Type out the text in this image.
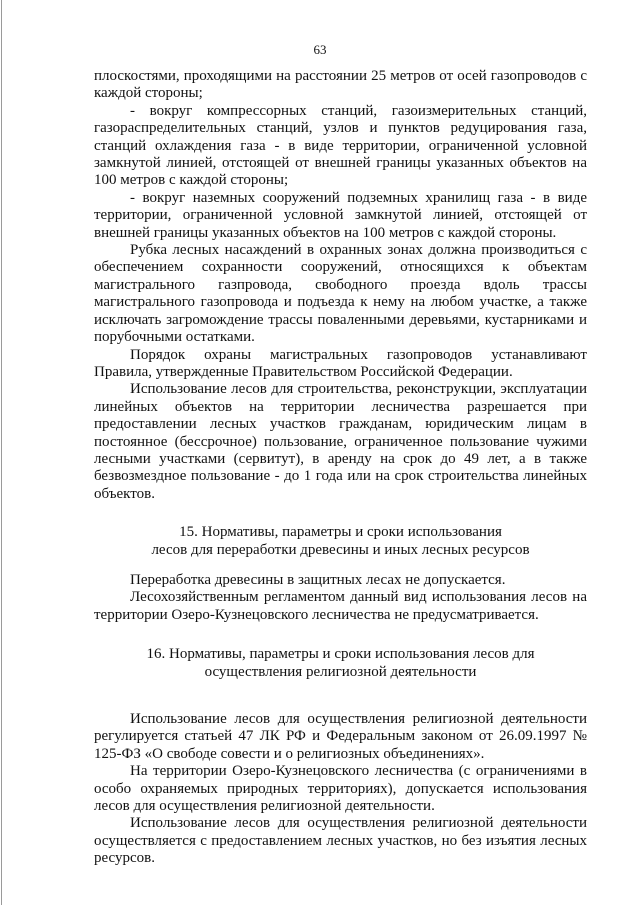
63

плоскостями, проходящими на расстоянии 25 метров от осей газопроводов с каждой стороны;

- вокруг компрессорных станций, газоизмерительных станций, газораспределительных станций, узлов и пунктов редуцирования газа, станций охлаждения газа - в виде территории, ограниченной условной замкнутой линией, отстоящей от внешней границы указанных объектов на 100 метров с каждой стороны;

- вокруг наземных сооружений подземных хранилищ газа - в виде территории, ограниченной условной замкнутой линией, отстоящей от внешней границы указанных объектов на 100 метров с каждой стороны.

Рубка лесных насаждений в охранных зонах должна производиться с обеспечением сохранности сооружений, относящихся к объектам магистрального газпровода, свободного проезда вдоль трассы магистрального газопровода и подъезда к нему на любом участке, а также исключать загромождение трассы поваленными деревьями, кустарниками и порубочными остатками.

Порядок охраны магистральных газопроводов устанавливают Правила, утвержденные Правительством Российской Федерации.

Использование лесов для строительства, реконструкции, эксплуатации линейных объектов на территории лесничества разрешается при предоставлении лесных участков гражданам, юридическим лицам в постоянное (бессрочное) пользование, ограниченное пользование чужими лесными участками (сервитут), в аренду на срок до 49 лет, а в также безвозмездное пользование - до 1 года или на срок строительства линейных объектов.

15. Нормативы, параметры и сроки использования

лесов для переработки древесины и иных лесных ресурсов

Переработка древесины в защитных лесах не допускается.

Лесохозяйственным регламентом данный вид использования лесов на территории Озеро-Кузнецовского лесничества не предусматривается.

16. Нормативы, параметры и сроки использования лесов для

осуществления религиозной деятельности

Использование лесов для осуществления религиозной деятельности регулируется статьей 47 ЛК РФ и Федеральным законом от 26.09.1997 № 125-ФЗ «О свободе совести и о религиозных объединениях».

На территории Озеро-Кузнецовского лесничества (с ограничениями в особо охраняемых природных территориях), допускается использования лесов для осуществления религиозной деятельности.

Использование лесов для осуществления религиозной деятельности осуществляется с предоставлением лесных участков, но без изъятия лесных ресурсов.
